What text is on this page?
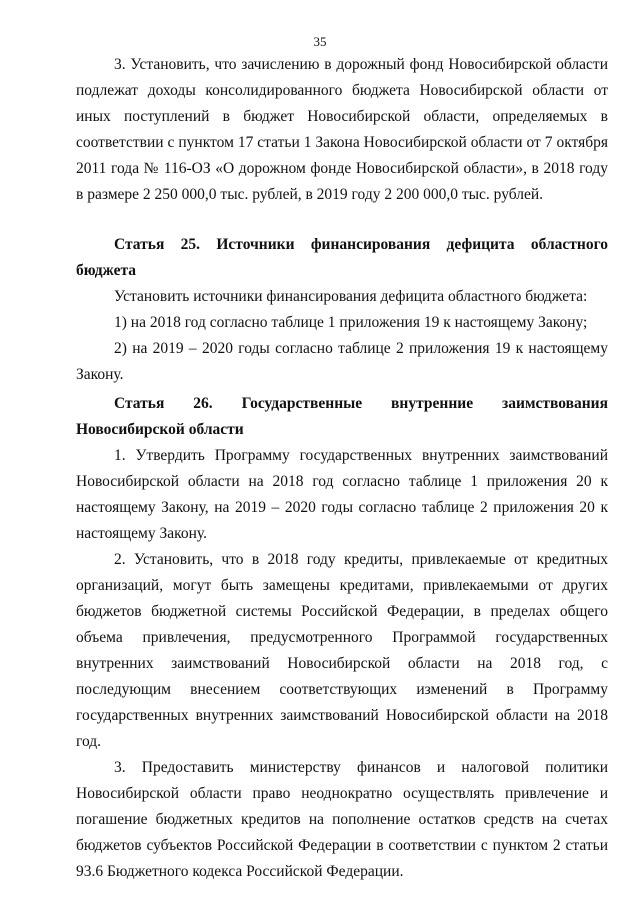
35

3. Установить, что зачислению в дорожный фонд Новосибирской области подлежат доходы консолидированного бюджета Новосибирской области от иных поступлений в бюджет Новосибирской области, определяемых в соответствии с пунктом 17 статьи 1 Закона Новосибирской области от 7 октября 2011 года № 116-ОЗ «О дорожном фонде Новосибирской области», в 2018 году в размере 2 250 000,0 тыс. рублей, в 2019 году 2 200 000,0 тыс. рублей.

Статья 25. Источники финансирования дефицита областного бюджета

Установить источники финансирования дефицита областного бюджета:

1) на 2018 год согласно таблице 1 приложения 19 к настоящему Закону;

2) на 2019 – 2020 годы согласно таблице 2 приложения 19 к настоящему Закону.

Статья 26. Государственные внутренние заимствования

Новосибирской области

1. Утвердить Программу государственных внутренних заимствований Новосибирской области на 2018 год согласно таблице 1 приложения 20 к настоящему Закону, на 2019 – 2020 годы согласно таблице 2 приложения 20 к настоящему Закону.

2. Установить, что в 2018 году кредиты, привлекаемые от кредитных организаций, могут быть замещены кредитами, привлекаемыми от других бюджетов бюджетной системы Российской Федерации, в пределах общего объема привлечения, предусмотренного Программой государственных внутренних заимствований Новосибирской области на 2018 год, с последующим внесением соответствующих изменений в Программу государственных внутренних заимствований Новосибирской области на 2018 год.

3. Предоставить министерству финансов и налоговой политики Новосибирской области право неоднократно осуществлять привлечение и погашение бюджетных кредитов на пополнение остатков средств на счетах бюджетов субъектов Российской Федерации в соответствии с пунктом 2 статьи 93.6 Бюджетного кодекса Российской Федерации.
